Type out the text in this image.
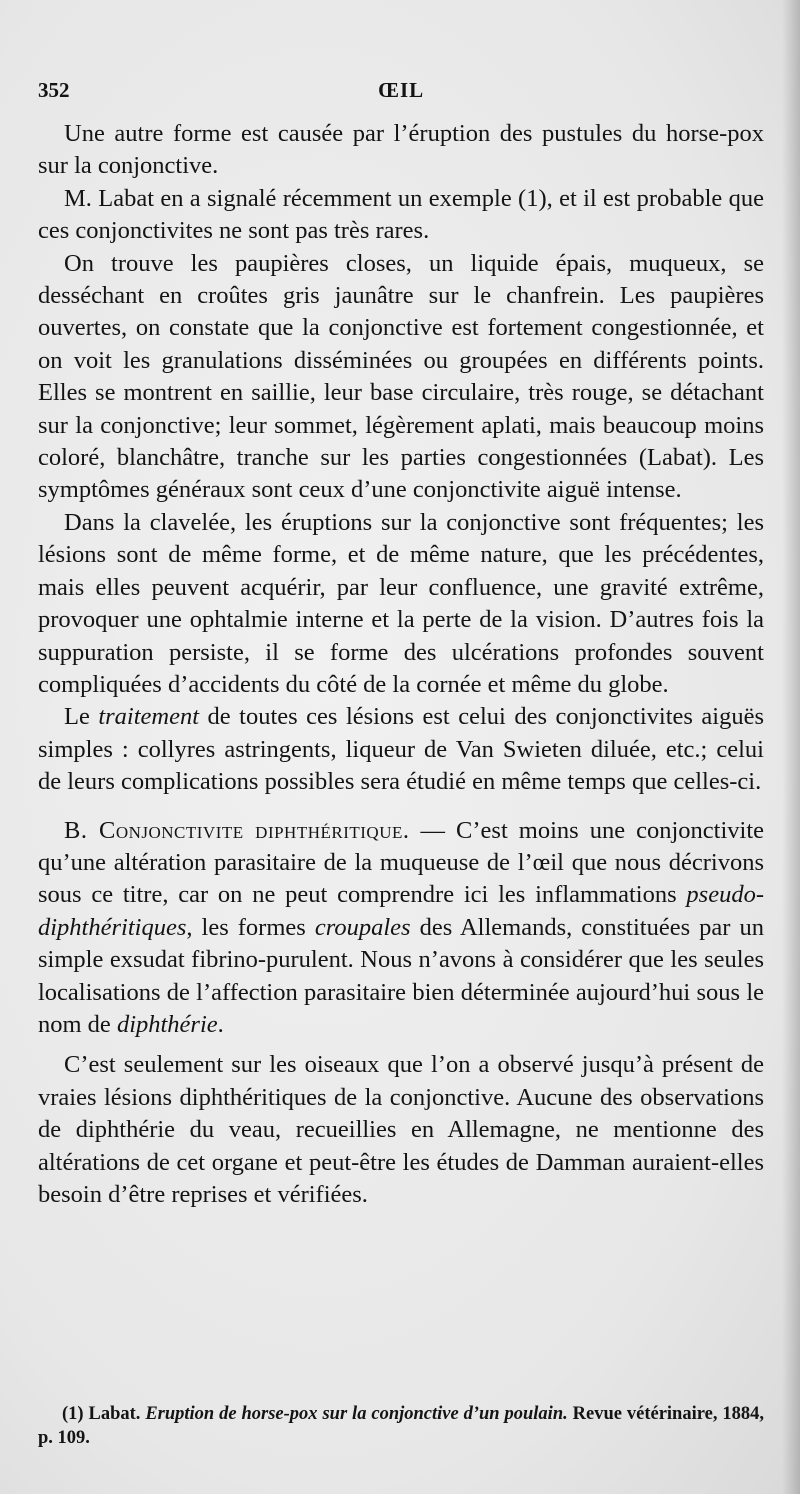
352	ŒIL

Une autre forme est causée par l’éruption des pustules du horse-pox sur la conjonctive.

M. Labat en a signalé récemment un exemple (1), et il est probable que ces conjonctivites ne sont pas très rares.

On trouve les paupières closes, un liquide épais, muqueux, se desséchant en croûtes gris jaunâtre sur le chanfrein. Les paupières ouvertes, on constate que la conjonctive est fortement congestionnée, et on voit les granulations disséminées ou groupées en différents points. Elles se montrent en saillie, leur base circulaire, très rouge, se détachant sur la conjonctive; leur sommet, légèrement aplati, mais beaucoup moins coloré, blanchâtre, tranche sur les parties congestionnées (Labat). Les symptômes généraux sont ceux d’une conjonctivite aiguë intense.

Dans la clavelée, les éruptions sur la conjonctive sont fréquentes; les lésions sont de même forme, et de même nature, que les précédentes, mais elles peuvent acquérir, par leur confluence, une gravité extrême, provoquer une ophtalmie interne et la perte de la vision. D’autres fois la suppuration persiste, il se forme des ulcérations profondes souvent compliquées d’accidents du côté de la cornée et même du globe.

Le traitement de toutes ces lésions est celui des conjonctivites aiguës simples : collyres astringents, liqueur de Van Swieten diluée, etc.; celui de leurs complications possibles sera étudié en même temps que celles-ci.

B. Conjonctivite diphthéritique. — C’est moins une conjonctivite qu’une altération parasitaire de la muqueuse de l’œil que nous décrivons sous ce titre, car on ne peut comprendre ici les inflammations pseudo-diphthéritiques, les formes croupales des Allemands, constituées par un simple exsudat fibrino-purulent. Nous n’avons à considérer que les seules localisations de l’affection parasitaire bien déterminée aujourd’hui sous le nom de diphthérie.

C’est seulement sur les oiseaux que l’on a observé jusqu’à présent de vraies lésions diphthéritiques de la conjonctive. Aucune des observations de diphthérie du veau, recueillies en Allemagne, ne mentionne des altérations de cet organe et peut-être les études de Damman auraient-elles besoin d’être reprises et vérifiées.

(1) Labat. Eruption de horse-pox sur la conjonctive d’un poulain. Revue vétérinaire, 1884, p. 109.
